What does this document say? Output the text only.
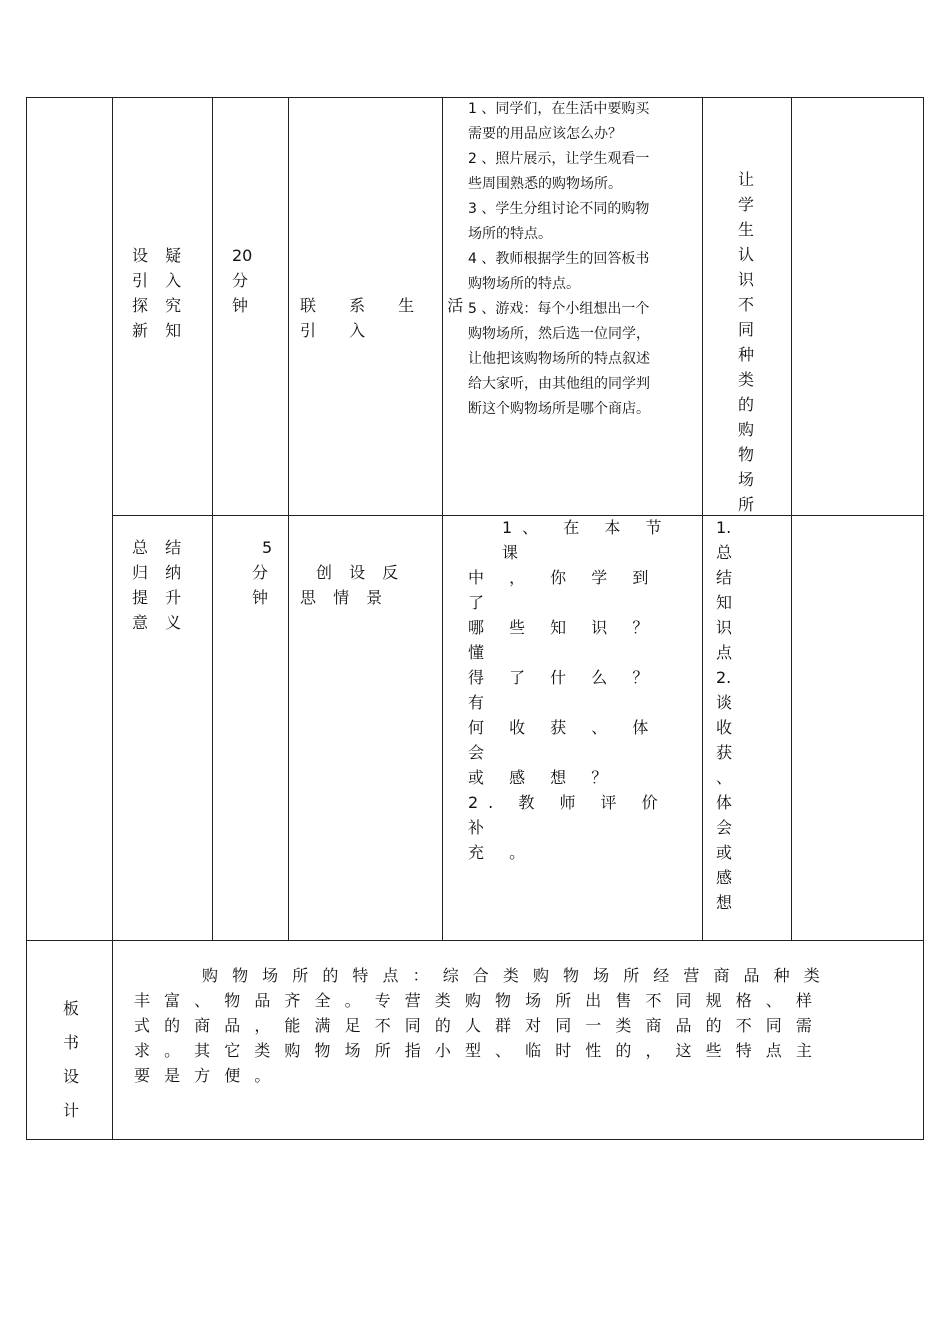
设 疑
引 入
探 究
新 知
20
分
钟	联 系 生 活
引 入
1 、同学们，在生活中要购买
需要的用品应该怎么办？
2 、照片展示，让学生观看一
些周围熟悉的购物场所。
3 、学生分组讨论不同的购物
场所的特点。
4 、教师根据学生的回答板书
购物场所的特点。
5 、游戏：每个小组想出一个
购物场所，然后选一位同学，
让他把该购物场所的特点叙述
给大家听，由其他组的同学判
断这个购物场所是哪个商店。
让
学
生
认
识
不
同
种
类
的
购
物
场
所
总 结
归 纳
提 升
意 义
5
分
钟
创 设 反
思 情 景
1、 在 本 节 课
中 ， 你 学 到 了
哪 些 知 识 ？ 懂
得 了 什 么 ？ 有
何 收 获 、 体 会
或 感 想 ？
2. 教 师 评 价 补
充 。
1.
总
结
知
识
点
2.
谈
收
获
、
体
会
或
感
想
板
书
设
计
购 物 场 所 的 特 点 ： 综 合 类 购 物 场 所 经 营 商 品 种 类
丰 富 、 物 品 齐 全 。 专 营 类 购 物 场 所 出 售 不 同 规 格 、 样
式 的 商 品 ， 能 满 足 不 同 的 人 群 对 同 一 类 商 品 的 不 同 需
求 。 其 它 类 购 物 场 所 指 小 型 、 临 时 性 的 ， 这 些 特 点 主
要 是 方 便 。
